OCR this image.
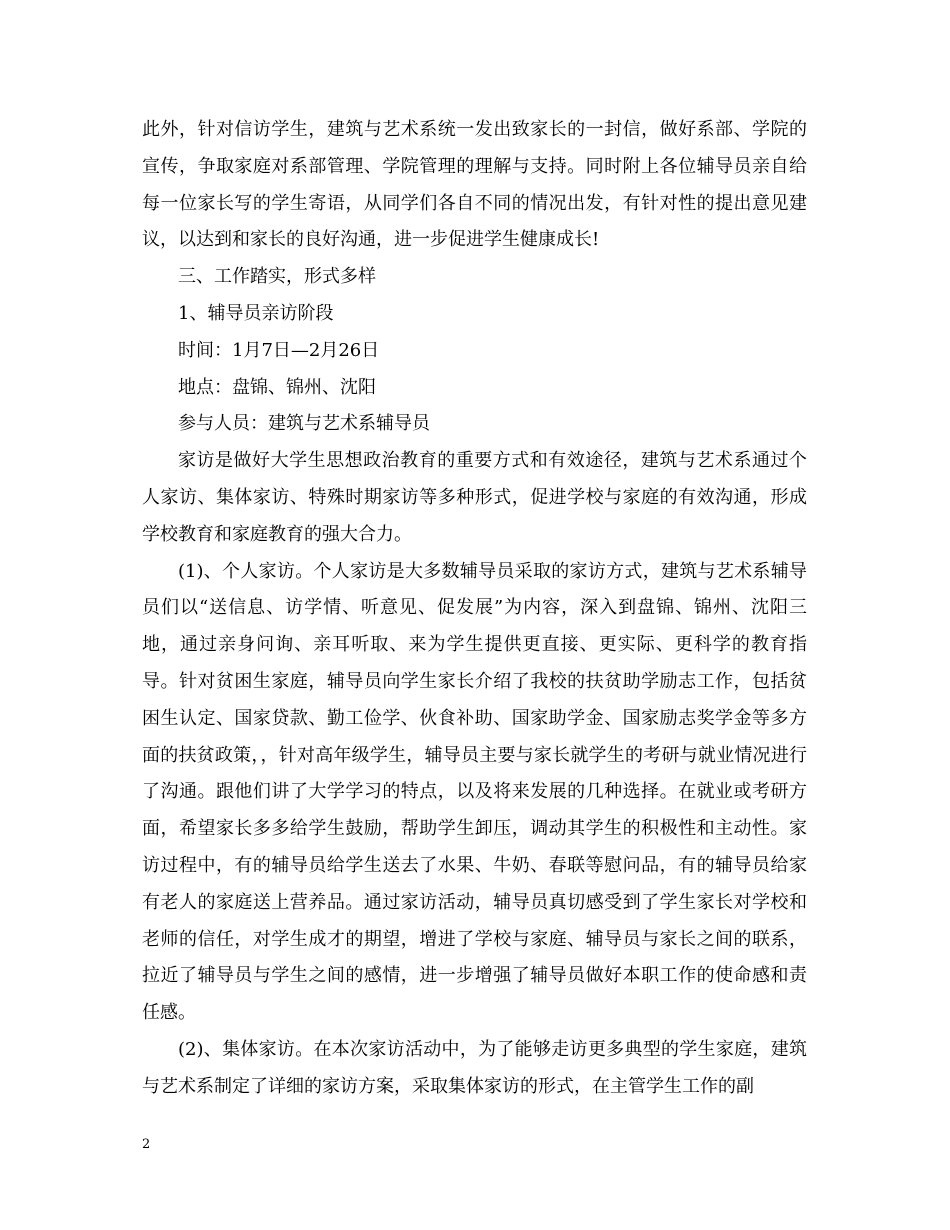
此外，针对信访学生，建筑与艺术系统一发出致家长的一封信，做好系部、学院的宣传，争取家庭对系部管理、学院管理的理解与支持。同时附上各位辅导员亲自给每一位家长写的学生寄语，从同学们各自不同的情况出发，有针对性的提出意见建议，以达到和家长的良好沟通，进一步促进学生健康成长!

三、工作踏实，形式多样

1、辅导员亲访阶段

时间：1月7日—2月26日

地点：盘锦、锦州、沈阳

参与人员：建筑与艺术系辅导员

家访是做好大学生思想政治教育的重要方式和有效途径，建筑与艺术系通过个人家访、集体家访、特殊时期家访等多种形式，促进学校与家庭的有效沟通，形成学校教育和家庭教育的强大合力。

(1)、个人家访。个人家访是大多数辅导员采取的家访方式，建筑与艺术系辅导员们以“送信息、访学情、听意见、促发展”为内容，深入到盘锦、锦州、沈阳三地，通过亲身问询、亲耳听取、来为学生提供更直接、更实际、更科学的教育指导。针对贫困生家庭，辅导员向学生家长介绍了我校的扶贫助学励志工作，包括贫困生认定、国家贷款、勤工俭学、伙食补助、国家助学金、国家励志奖学金等多方面的扶贫政策，，针对高年级学生，辅导员主要与家长就学生的考研与就业情况进行了沟通。跟他们讲了大学学习的特点，以及将来发展的几种选择。在就业或考研方面，希望家长多多给学生鼓励，帮助学生卸压，调动其学生的积极性和主动性。家访过程中，有的辅导员给学生送去了水果、牛奶、春联等慰问品，有的辅导员给家有老人的家庭送上营养品。通过家访活动，辅导员真切感受到了学生家长对学校和老师的信任，对学生成才的期望，增进了学校与家庭、辅导员与家长之间的联系，拉近了辅导员与学生之间的感情，进一步增强了辅导员做好本职工作的使命感和责任感。

(2)、集体家访。在本次家访活动中，为了能够走访更多典型的学生家庭，建筑与艺术系制定了详细的家访方案，采取集体家访的形式，在主管学生工作的副

2
